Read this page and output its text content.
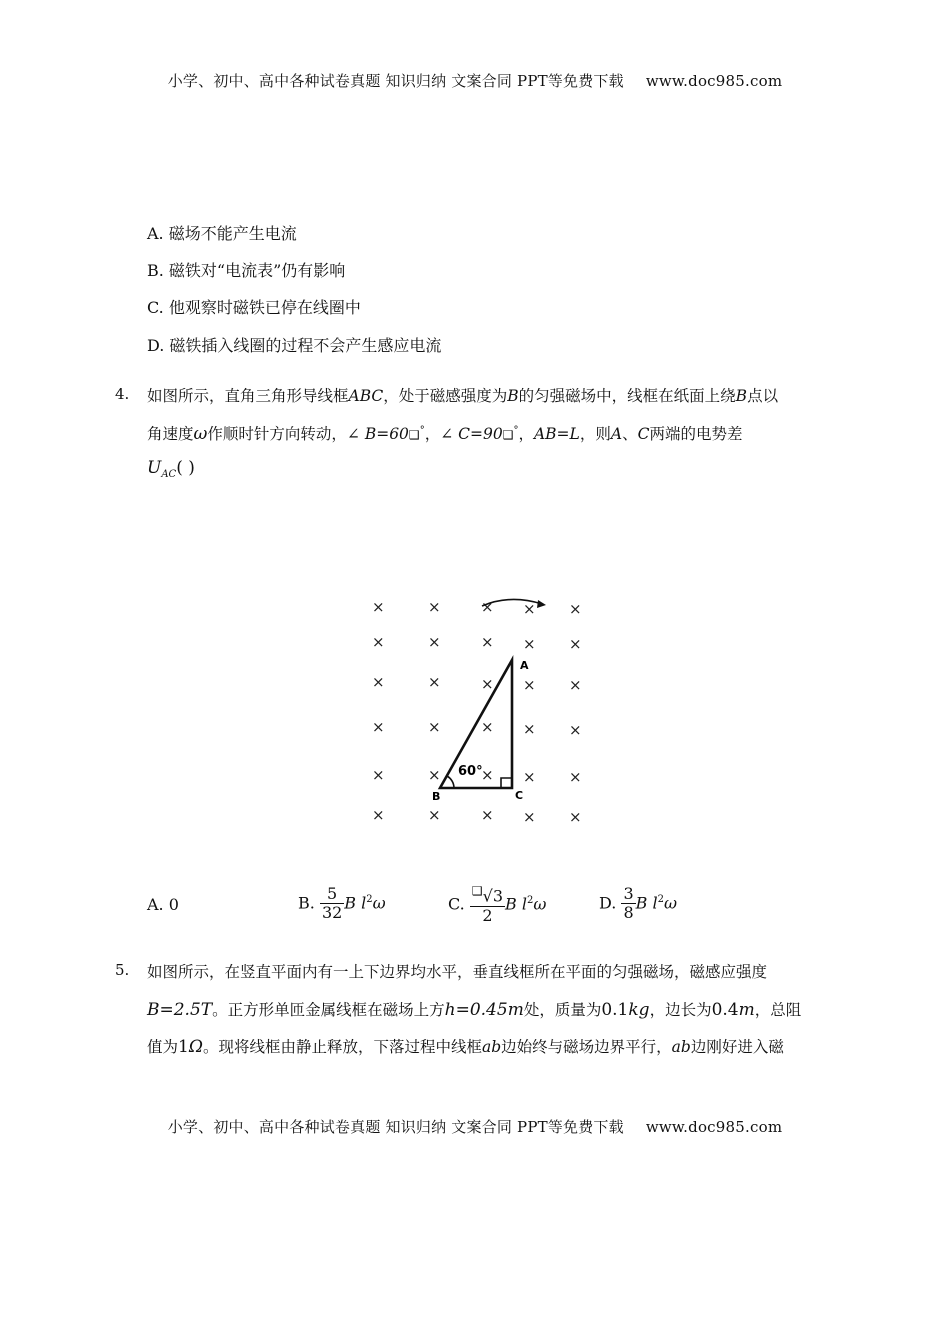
小学、初中、高中各种试卷真题 知识归纳 文案合同 PPT等免费下载 www.doc985.com
A. 磁场不能产生电流
B. 磁铁对“电流表”仍有影响
C. 他观察时磁铁已停在线圈中
D. 磁铁插入线圈的过程不会产生感应电流
4. 如图所示，直角三角形导线框ABC，处于磁感强度为B的匀强磁场中，线框在纸面上绕B点以
角速度ω作顺时针方向转动，∠ B=60❑°，∠ C=90❑°，AB=L，则A、C两端的电势差
$U_{AC}$( )
×	×	× × ×
×	×	× × ×
×	×	× × ×
×	×	× × ×
×	×	× × ×
×	×	× × ×
A
B	C
60°
A. 0	B. $\frac{5}{32}$ B $l^2\omega$	C. $\frac{^❑√3}{2}$ B $l^2\omega$	D. $\frac{3}{8}$ B $l^2\omega$
5. 如图所示，在竖直平面内有一上下边界均水平，垂直线框所在平面的匀强磁场，磁感应强度
B=2.5T。正方形单匝金属线框在磁场上方h=0.45m处，质量为0.1kg，边长为0.4m，总阻
值为1Ω。现将线框由静止释放，下落过程中线框ab边始终与磁场边界平行，ab边刚好进入磁
小学、初中、高中各种试卷真题 知识归纳 文案合同 PPT等免费下载 www.doc985.com
